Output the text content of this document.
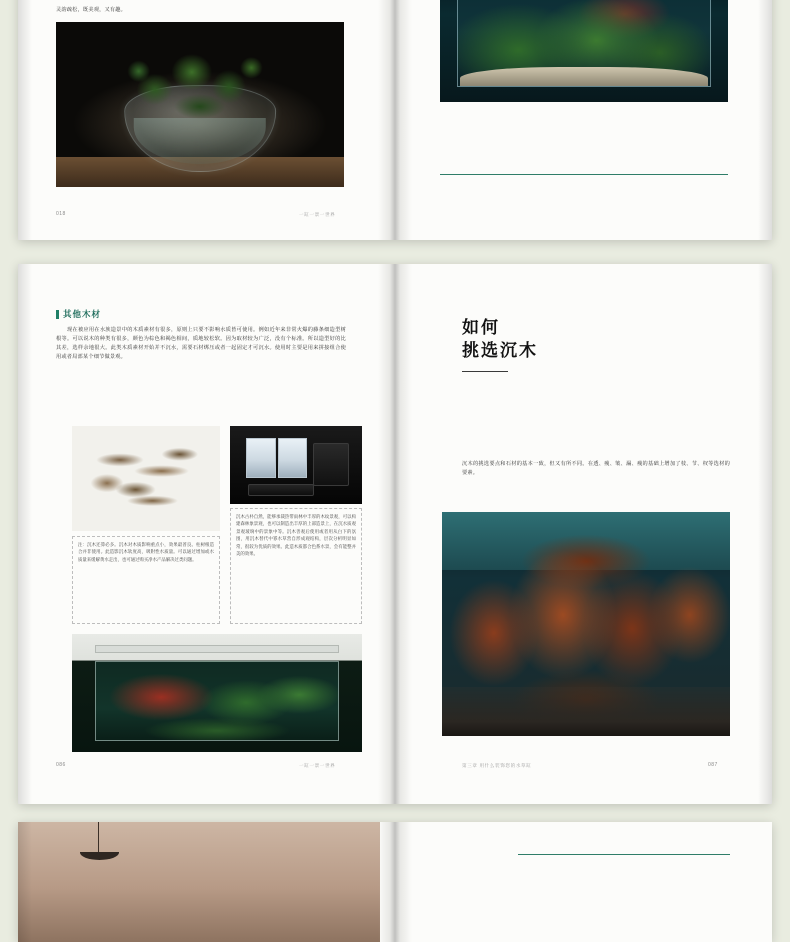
灵韵疏松，既美观，又有趣。
018	一缸一景一世界
其他木材
现在被应用在水族造景中的木质素材有很多，原则上只要不影响水质皆可使用。例如近年来非常火爆的藤条细造型树根等。可以说木的种类有很多，颜色为棕色和褐色相间，质地较松软。因为取材较为广泛，没有个标准。所以造型好的比其差，选样余地很大。此类木质素材开始并不沉水，需要石材绑压或者一起固定才可沉水。使用时主要是用来拼接组合使用或者局部某个细节做景观。
注：沉木还算必多。沉木对木质影响重点小，效果最普良。柱树根造合并非使用。此造影沉木软度高，吸附性水质量。可以通过增加或水质量来缓解黄水走出，也可通过购买净水产品解决过类问题。
沉木古朴自然，能够承裁热带雨林中丰厚的木纹景观，可以构建森林象景观，也可以制造出丰厚的上部造景上，在沉水质观景观玻璃中的景象中等。沉木善观后使用或者用从白下的氛围，用沉木替代中寡水草营自形成观结构，层次分析明显如常，很较为优质的效果。此造木质都合色系水景，会有能整并美的效果。
086	一缸一景一世界
如何
挑选沉木
沉木的挑选要点和石材的基本一致，但又有所不同。在透、瘦、皱、漏、瘦的基础上增加了枝、节、杈等选材的要素。
第三章 用什么装饰您的水草缸	087
